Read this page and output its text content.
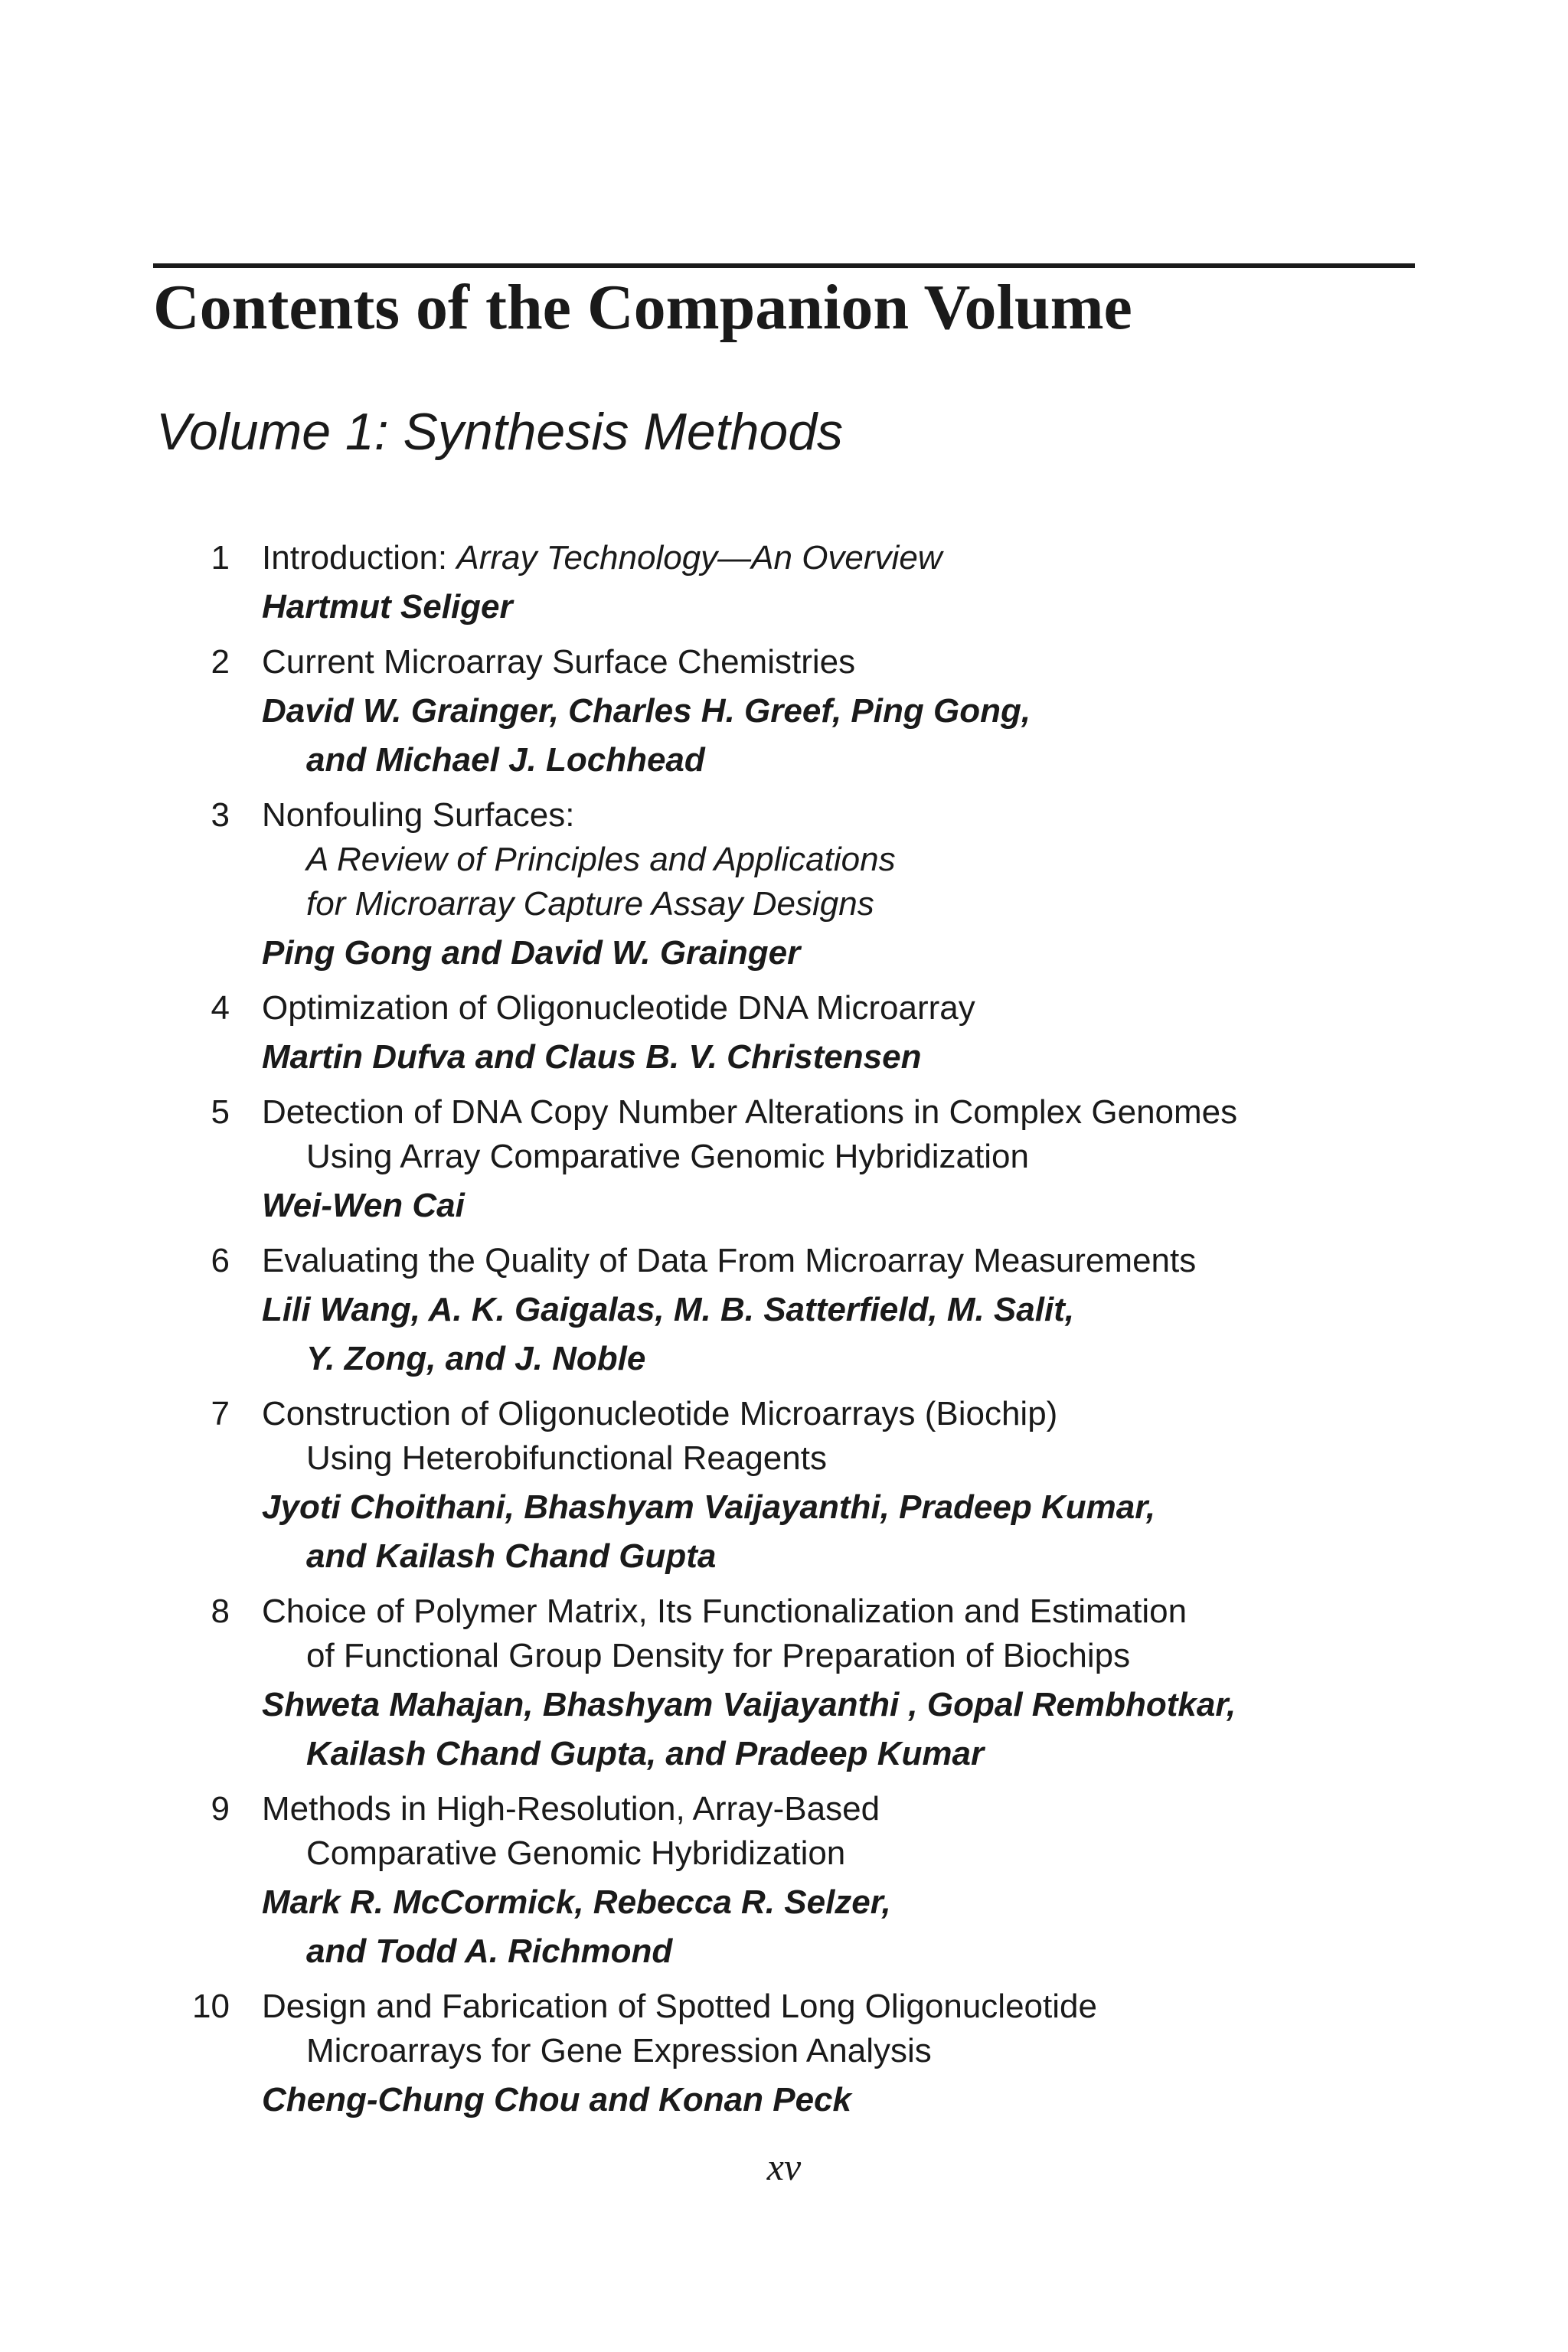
Contents of the Companion Volume
Volume 1: Synthesis Methods
1 Introduction: Array Technology—An Overview
Hartmut Seliger
2 Current Microarray Surface Chemistries
David W. Grainger, Charles H. Greef, Ping Gong,
and Michael J. Lochhead
3 Nonfouling Surfaces:
A Review of Principles and Applications
for Microarray Capture Assay Designs
Ping Gong and David W. Grainger
4 Optimization of Oligonucleotide DNA Microarray
Martin Dufva and Claus B. V. Christensen
5 Detection of DNA Copy Number Alterations in Complex Genomes
Using Array Comparative Genomic Hybridization
Wei-Wen Cai
6 Evaluating the Quality of Data From Microarray Measurements
Lili Wang, A. K. Gaigalas, M. B. Satterfield, M. Salit,
Y. Zong, and J. Noble
7 Construction of Oligonucleotide Microarrays (Biochip)
Using Heterobifunctional Reagents
Jyoti Choithani, Bhashyam Vaijayanthi, Pradeep Kumar,
and Kailash Chand Gupta
8 Choice of Polymer Matrix, Its Functionalization and Estimation
of Functional Group Density for Preparation of Biochips
Shweta Mahajan, Bhashyam Vaijayanthi , Gopal Rembhotkar,
Kailash Chand Gupta, and Pradeep Kumar
9 Methods in High-Resolution, Array-Based
Comparative Genomic Hybridization
Mark R. McCormick, Rebecca R. Selzer,
and Todd A. Richmond
10 Design and Fabrication of Spotted Long Oligonucleotide
Microarrays for Gene Expression Analysis
Cheng-Chung Chou and Konan Peck
xv
